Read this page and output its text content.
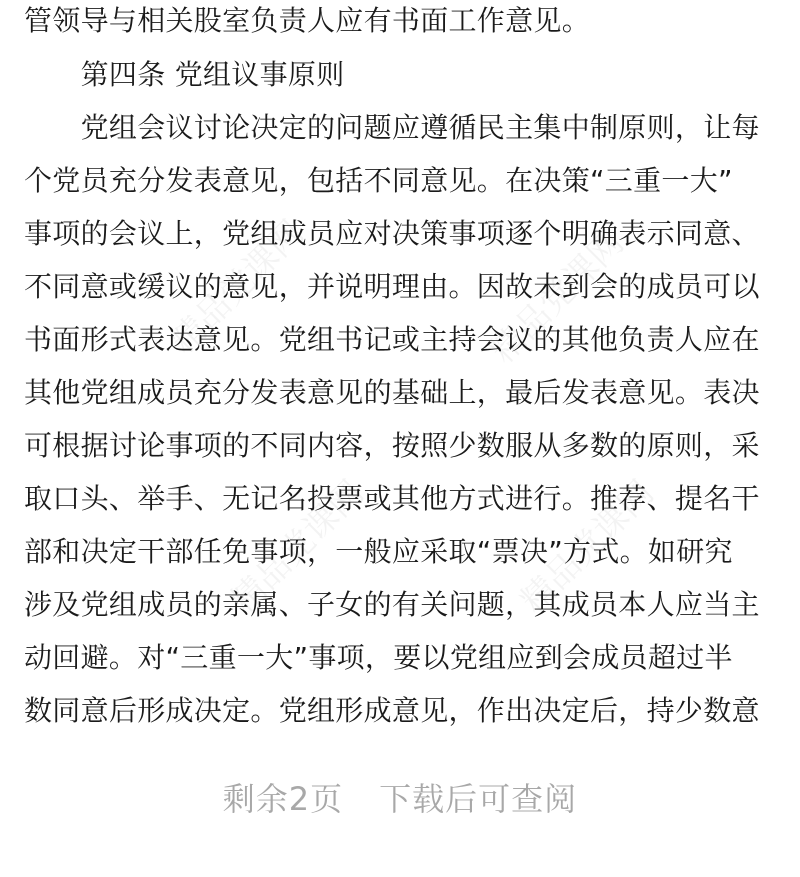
管领导与相关股室负责人应有书面工作意见。
　　第四条 党组议事原则
　　党组会议讨论决定的问题应遵循民主集中制原则，让每
个党员充分发表意见，包括不同意见。在决策“三重一大”
事项的会议上，党组成员应对决策事项逐个明确表示同意、
不同意或缓议的意见，并说明理由。因故未到会的成员可以
书面形式表达意见。党组书记或主持会议的其他负责人应在
其他党组成员充分发表意见的基础上，最后发表意见。表决
可根据讨论事项的不同内容，按照少数服从多数的原则，采
取口头、举手、无记名投票或其他方式进行。推荐、提名干
部和决定干部任免事项，一般应采取“票决”方式。如研究
涉及党组成员的亲属、子女的有关问题，其成员本人应当主
动回避。对“三重一大”事项，要以党组应到会成员超过半
数同意后形成决定。党组形成意见，作出决定后，持少数意
剩余2页 下载后可查阅
